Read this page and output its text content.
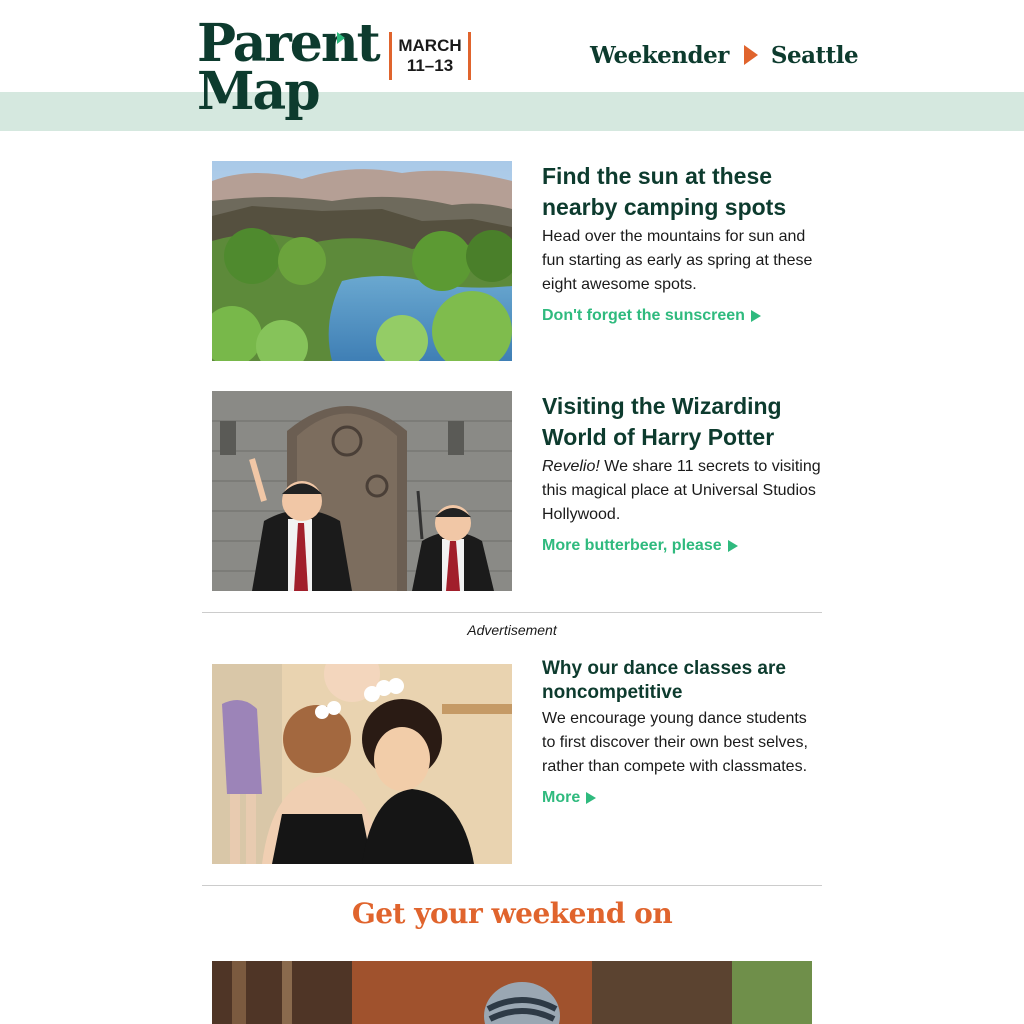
Parent
Map
MARCH
11–13	Weekender Seattle
Find the sun at these nearby camping spots

Head over the mountains for sun and fun starting as early as spring at these eight awesome spots.

Don't forget the sunscreen
Visiting the Wizarding World of Harry Potter

Revelio! We share 11 secrets to visiting this magical place at Universal Studios Hollywood.

More butterbeer, please
Advertisement
Why our dance classes are noncompetitive

We encourage young dance students to first discover their own best selves, rather than compete with classmates.

More
Get your weekend on
